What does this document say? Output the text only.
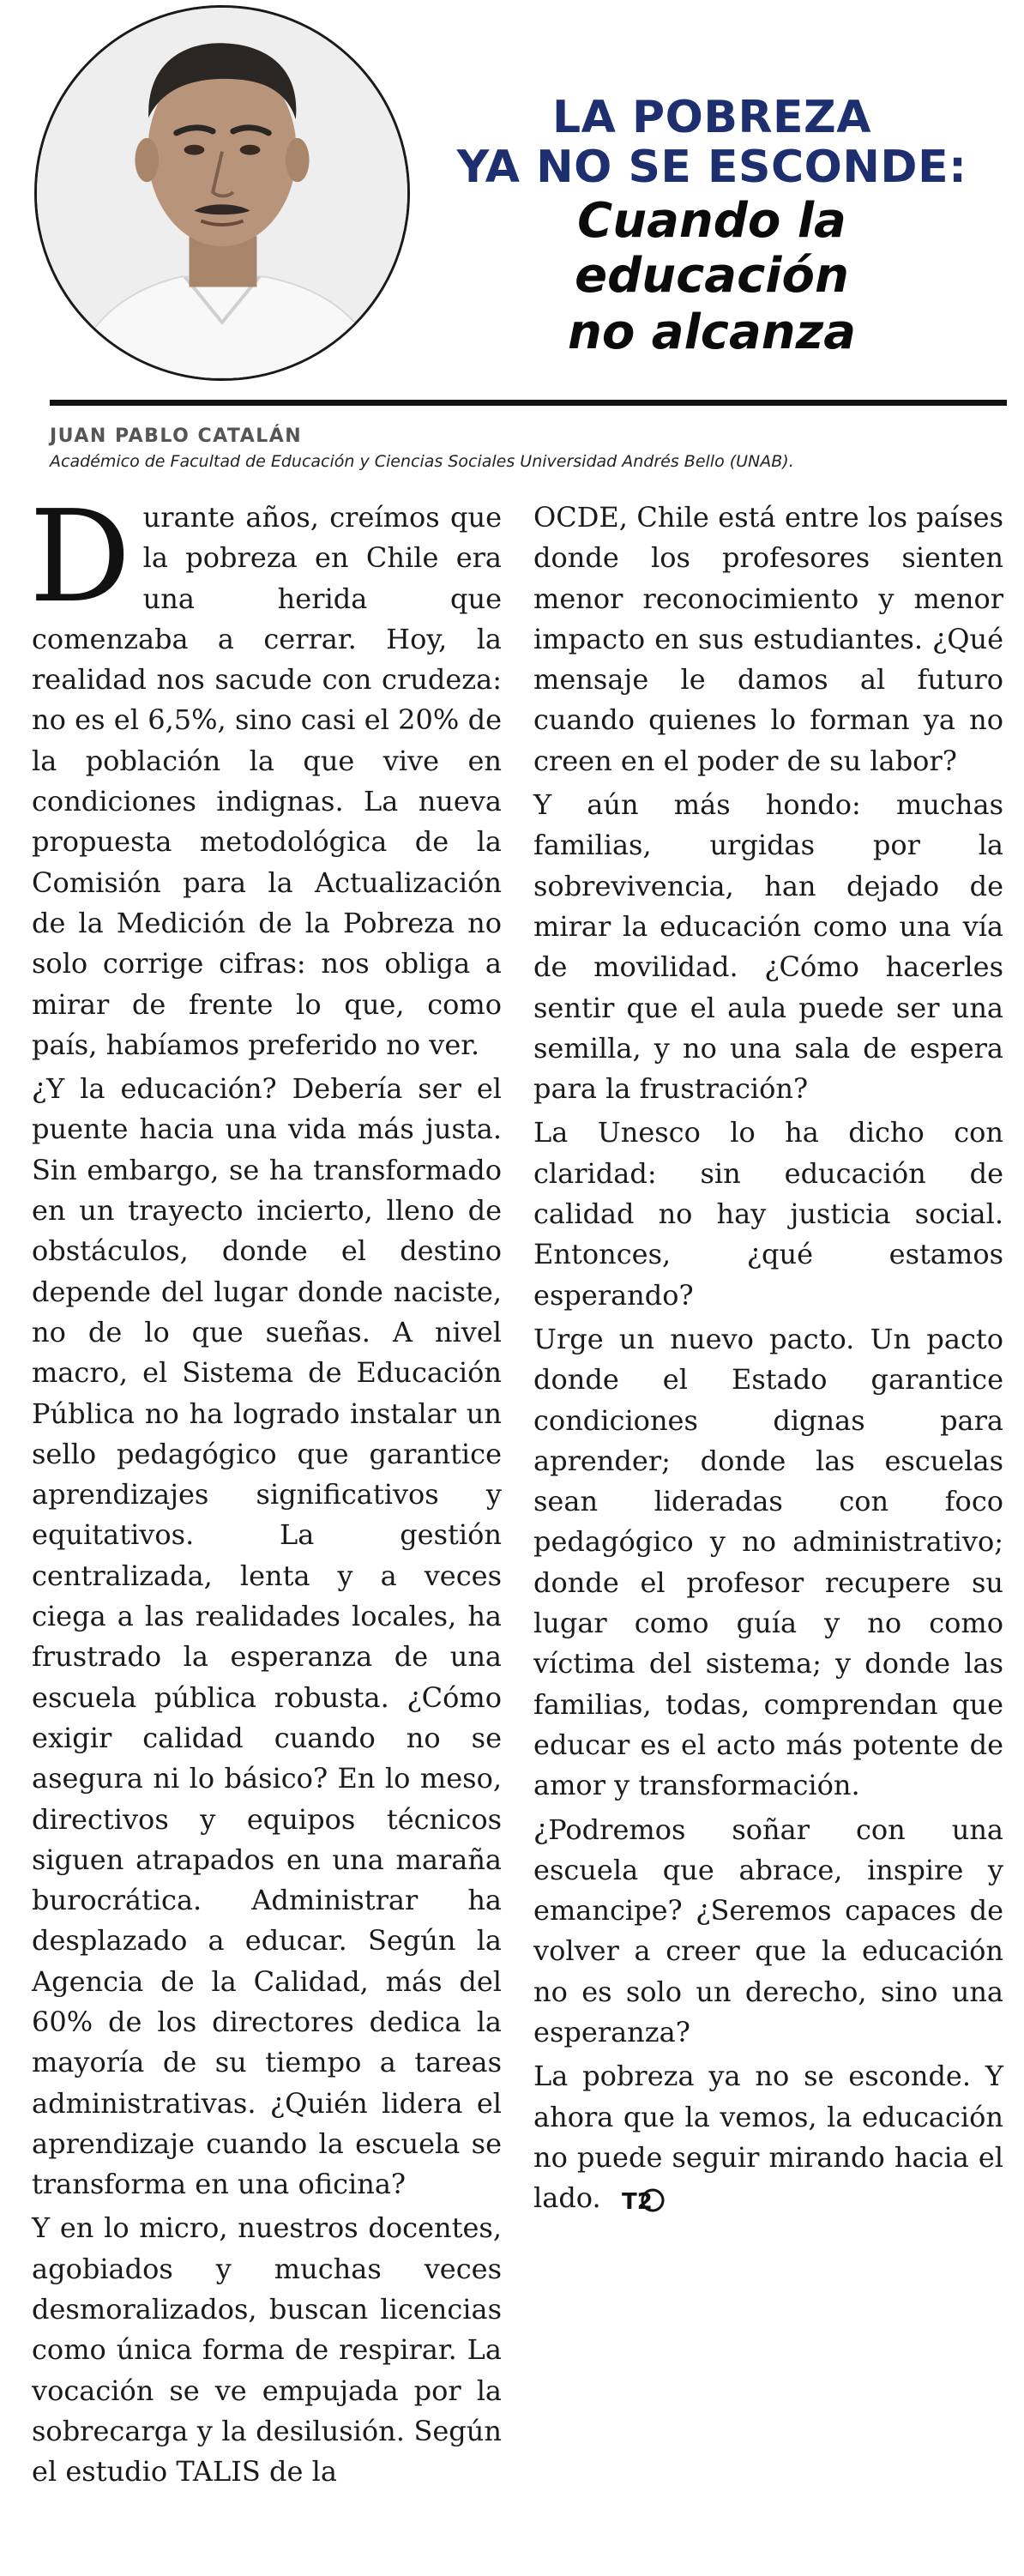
LA POBREZA
YA NO SE ESCONDE:
Cuando la educación
no alcanza
JUAN PABLO CATALÁN
Académico de Facultad de Educación y Ciencias Sociales Universidad Andrés Bello (UNAB).

Durante años, creímos que la pobreza en Chile era una herida que comenzaba a cerrar. Hoy, la realidad nos sacude con crudeza: no es el 6,5%, sino casi el 20% de la población la que vive en condiciones indignas. La nueva propuesta metodológica de la Comisión para la Actualización de la Medición de la Pobreza no solo corrige cifras: nos obliga a mirar de frente lo que, como país, habíamos preferido no ver.

¿Y la educación? Debería ser el puente hacia una vida más justa. Sin embargo, se ha transformado en un trayecto incierto, lleno de obstáculos, donde el destino depende del lugar donde naciste, no de lo que sueñas. A nivel macro, el Sistema de Educación Pública no ha logrado instalar un sello pedagógico que garantice aprendizajes significativos y equitativos. La gestión centralizada, lenta y a veces ciega a las realidades locales, ha frustrado la esperanza de una escuela pública robusta. ¿Cómo exigir calidad cuando no se asegura ni lo básico? En lo meso, directivos y equipos técnicos siguen atrapados en una maraña burocrática. Administrar ha desplazado a educar. Según la Agencia de la Calidad, más del 60% de los directores dedica la mayoría de su tiempo a tareas administrativas. ¿Quién lidera el aprendizaje cuando la escuela se transforma en una oficina?

Y en lo micro, nuestros docentes, agobiados y muchas veces desmoralizados, buscan licencias como única forma de respirar. La vocación se ve empujada por la sobrecarga y la desilusión. Según el estudio TALIS de la

OCDE, Chile está entre los países donde los profesores sienten menor reconocimiento y menor impacto en sus estudiantes. ¿Qué mensaje le damos al futuro cuando quienes lo forman ya no creen en el poder de su labor?

Y aún más hondo: muchas familias, urgidas por la sobrevivencia, han dejado de mirar la educación como una vía de movilidad. ¿Cómo hacerles sentir que el aula puede ser una semilla, y no una sala de espera para la frustración?

La Unesco lo ha dicho con claridad: sin educación de calidad no hay justicia social. Entonces, ¿qué estamos esperando?

Urge un nuevo pacto. Un pacto donde el Estado garantice condiciones dignas para aprender; donde las escuelas sean lideradas con foco pedagógico y no administrativo; donde el profesor recupere su lugar como guía y no como víctima del sistema; y donde las familias, todas, comprendan que educar es el acto más potente de amor y transformación.

¿Podremos soñar con una escuela que abrace, inspire y emancipe? ¿Seremos capaces de volver a creer que la educación no es solo un derecho, sino una esperanza?

La pobreza ya no se esconde. Y ahora que la vemos, la educación no puede seguir mirando hacia el lado. T2
